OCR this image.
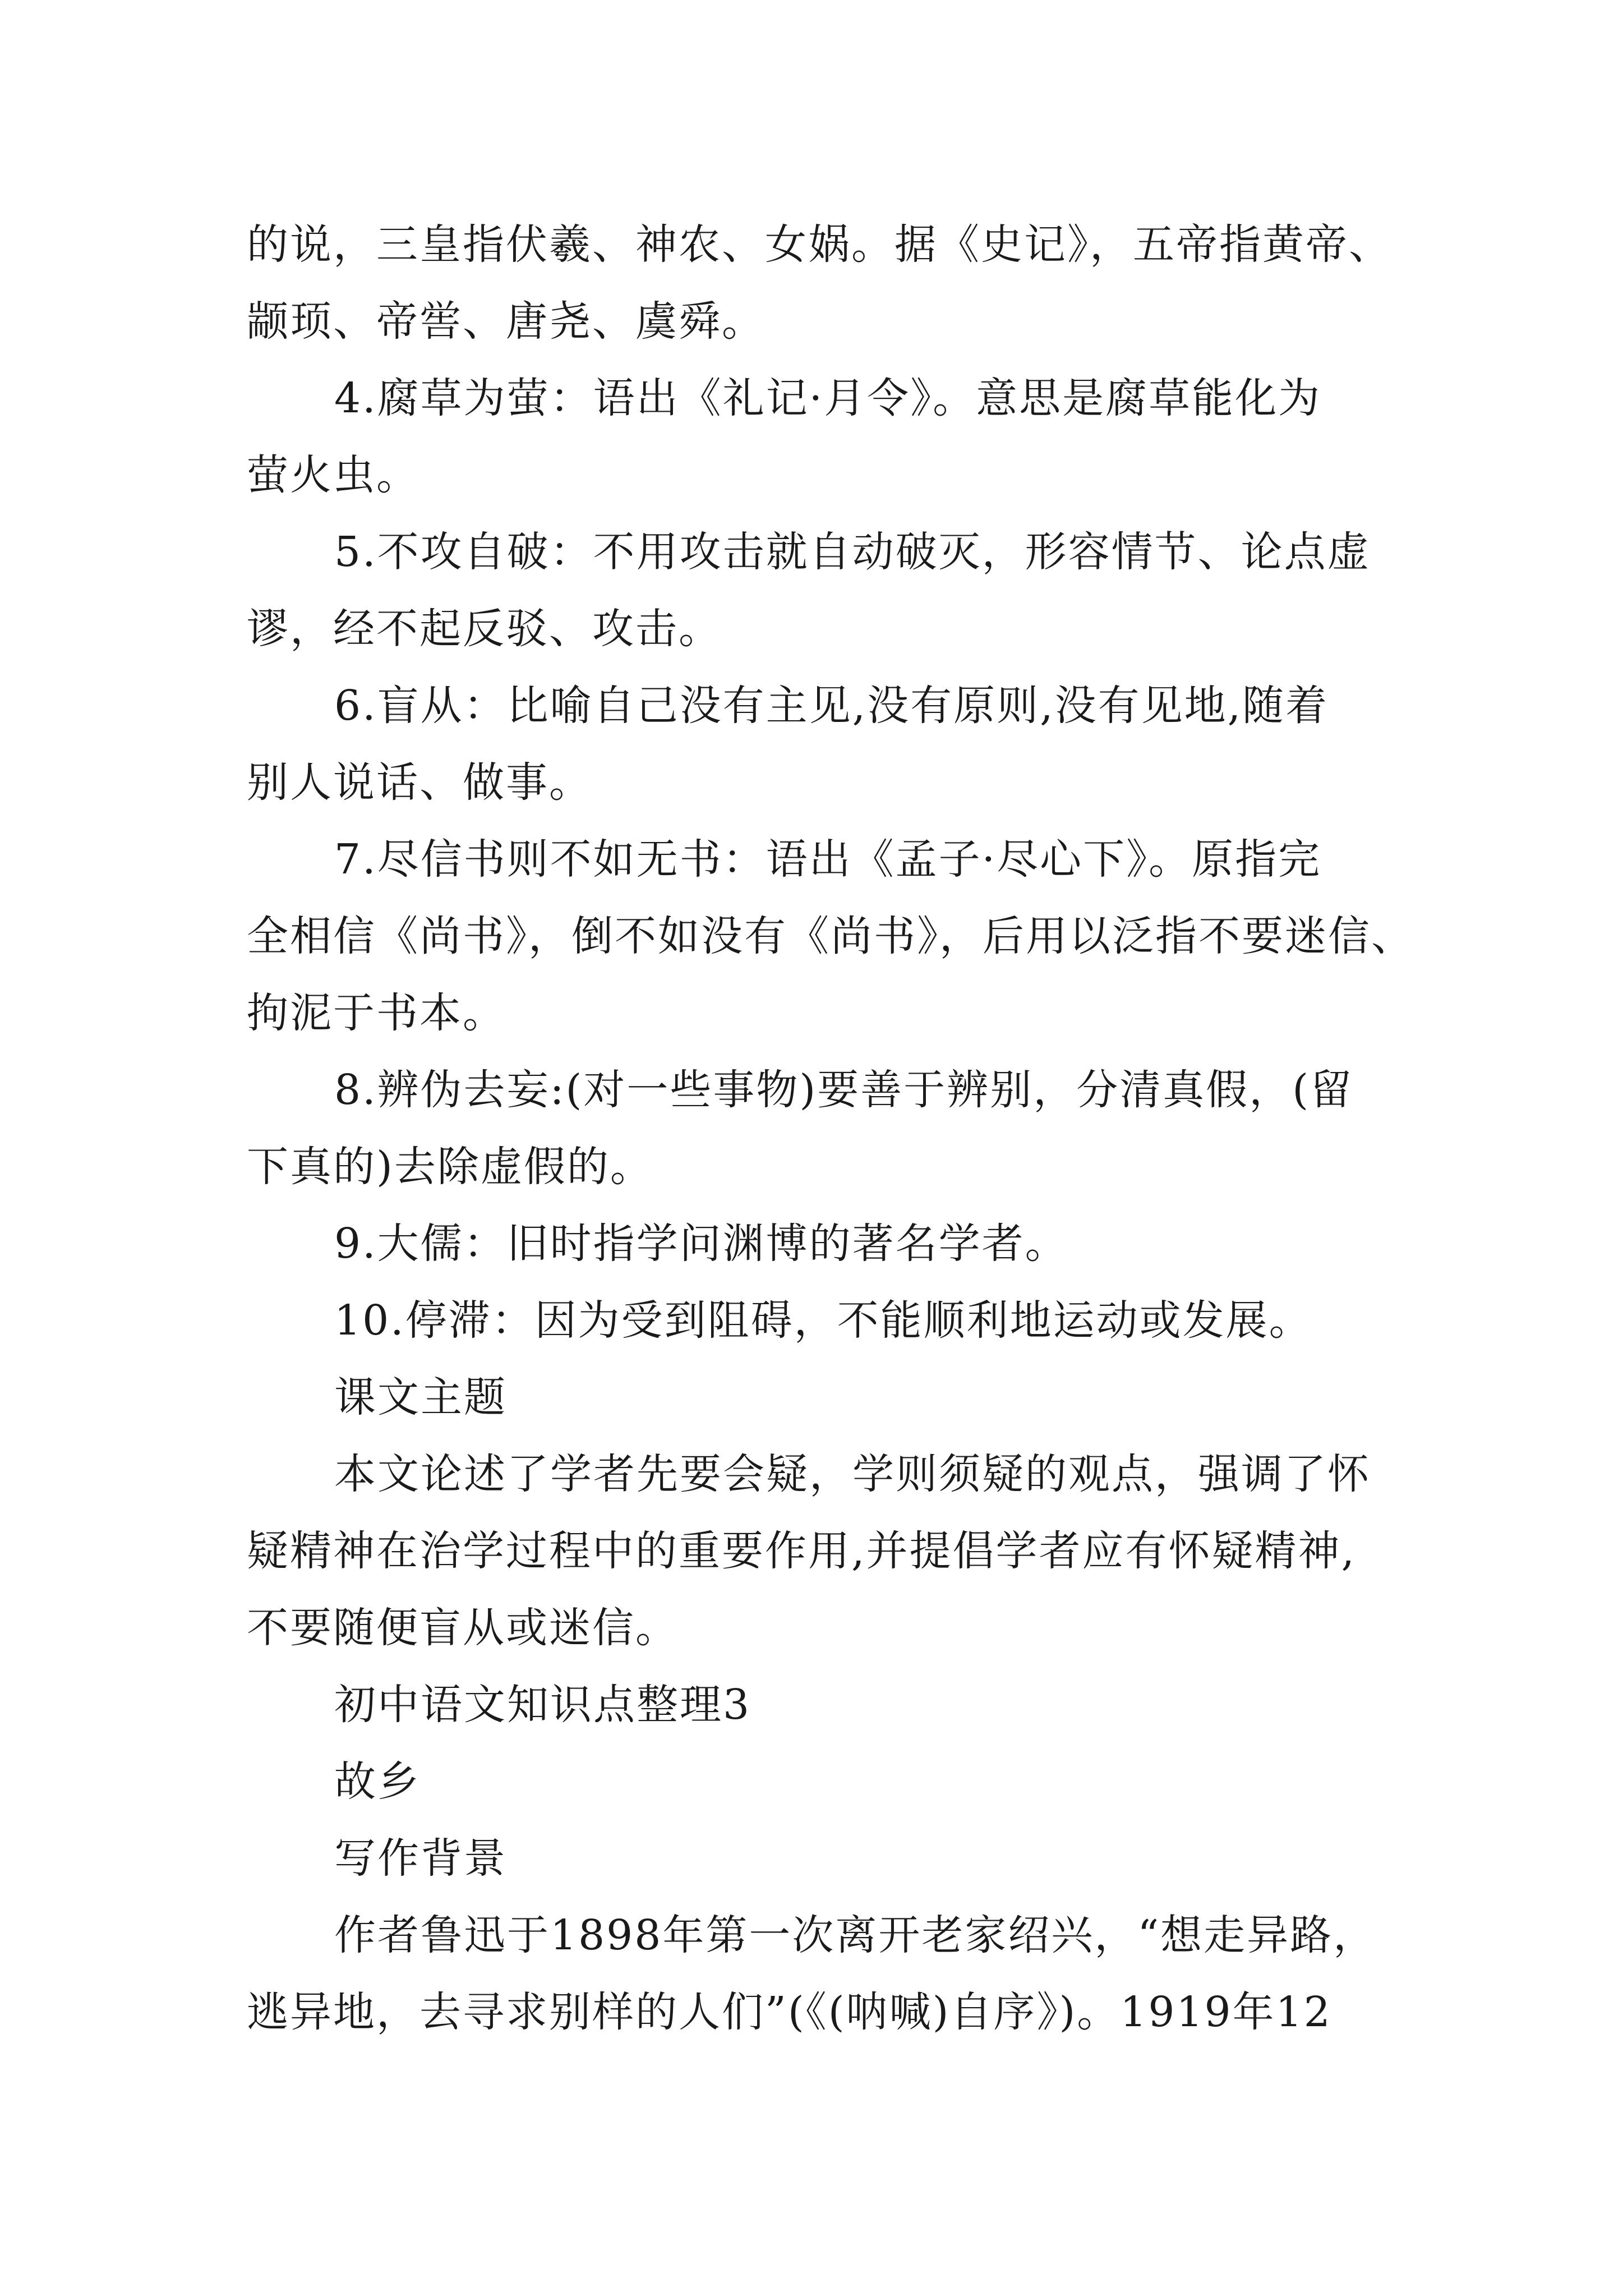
的说，三皇指伏羲、神农、女娲。据《史记》，五帝指黄帝、
颛顼、帝喾、唐尧、虞舜。
4.腐草为萤：语出《礼记·月令》。意思是腐草能化为
萤火虫。
5.不攻自破：不用攻击就自动破灭，形容情节、论点虚
谬，经不起反驳、攻击。
6.盲从：比喻自己没有主见,没有原则,没有见地,随着
别人说话、做事。
7.尽信书则不如无书：语出《孟子·尽心下》。原指完
全相信《尚书》，倒不如没有《尚书》，后用以泛指不要迷信、
拘泥于书本。
8.辨伪去妄:(对一些事物)要善于辨别，分清真假，(留
下真的)去除虚假的。
9.大儒：旧时指学问渊博的著名学者。
10.停滞：因为受到阻碍，不能顺利地运动或发展。
课文主题
本文论述了学者先要会疑，学则须疑的观点，强调了怀
疑精神在治学过程中的重要作用,并提倡学者应有怀疑精神,
不要随便盲从或迷信。
初中语文知识点整理3
故乡
写作背景
作者鲁迅于1898年第一次离开老家绍兴，“想走异路，
逃异地，去寻求别样的人们”(《(呐喊)自序》)。1919年12
